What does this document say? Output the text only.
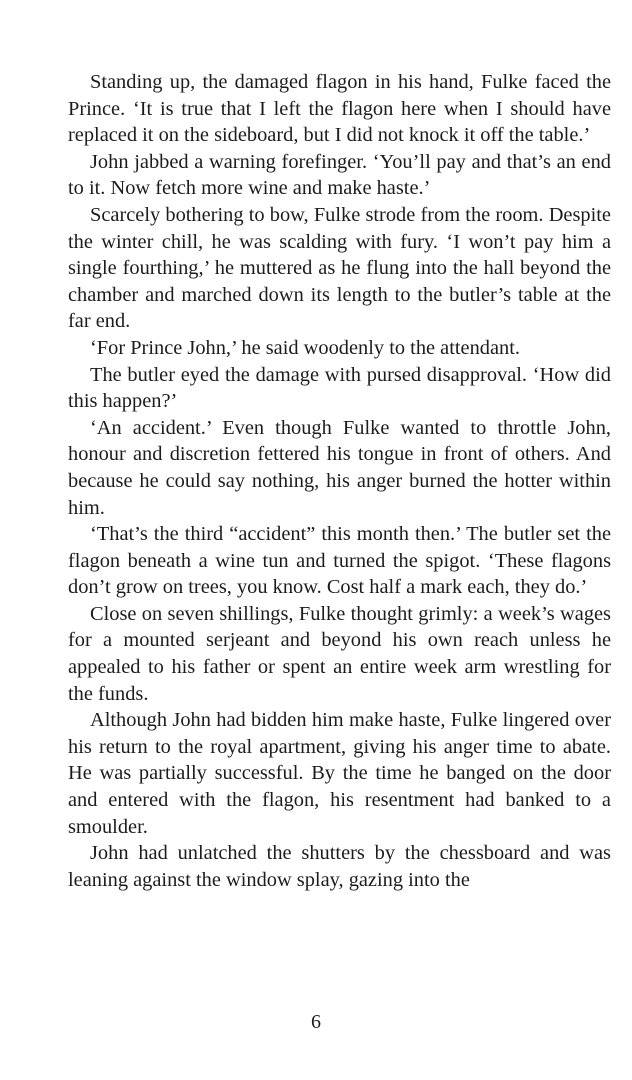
Standing up, the damaged flagon in his hand, Fulke faced the Prince. ‘It is true that I left the flagon here when I should have replaced it on the sideboard, but I did not knock it off the table.’

John jabbed a warning forefinger. ‘You’ll pay and that’s an end to it. Now fetch more wine and make haste.’

Scarcely bothering to bow, Fulke strode from the room. Despite the winter chill, he was scalding with fury. ‘I won’t pay him a single fourthing,’ he muttered as he flung into the hall beyond the chamber and marched down its length to the butler’s table at the far end.

‘For Prince John,’ he said woodenly to the attendant.

The butler eyed the damage with pursed disapproval. ‘How did this happen?’

‘An accident.’ Even though Fulke wanted to throttle John, honour and discretion fettered his tongue in front of others. And because he could say nothing, his anger burned the hotter within him.

‘That’s the third “accident” this month then.’ The butler set the flagon beneath a wine tun and turned the spigot. ‘These flagons don’t grow on trees, you know. Cost half a mark each, they do.’

Close on seven shillings, Fulke thought grimly: a week’s wages for a mounted serjeant and beyond his own reach unless he appealed to his father or spent an entire week arm wrestling for the funds.

Although John had bidden him make haste, Fulke lingered over his return to the royal apartment, giving his anger time to abate. He was partially successful. By the time he banged on the door and entered with the flagon, his resentment had banked to a smoulder.

John had unlatched the shutters by the chessboard and was leaning against the window splay, gazing into the

6
